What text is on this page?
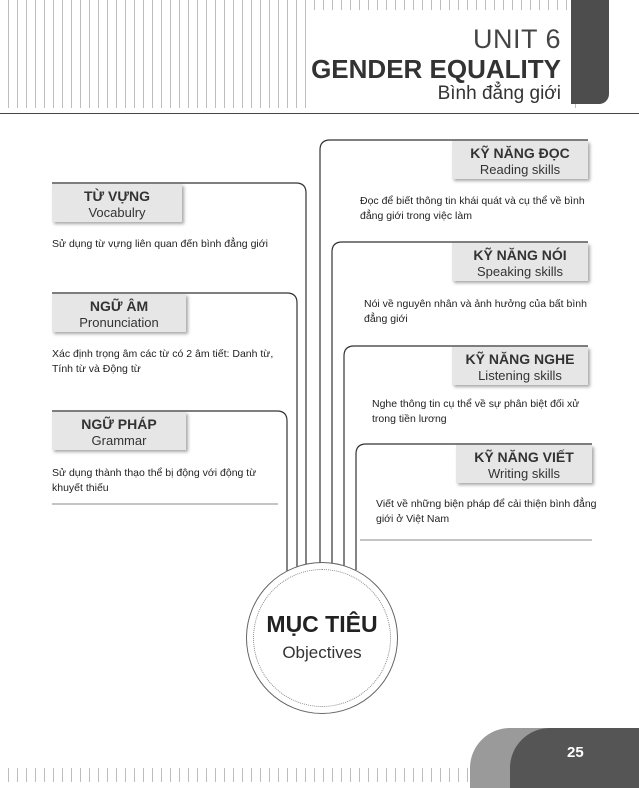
UNIT 6
GENDER EQUALITY
Bình đẳng giới
TỪ VỰNG
Vocabulry
Sử dụng từ vựng liên quan đến bình đẳng giới
NGỮ ÂM
Pronunciation
Xác định trọng âm các từ có 2 âm tiết: Danh từ, Tính từ và Động từ
NGỮ PHÁP
Grammar
Sử dụng thành thạo thể bị động với động từ khuyết thiếu
KỸ NĂNG ĐỌC
Reading skills
Đọc để biết thông tin khái quát và cụ thể về bình đẳng giới trong việc làm
KỸ NĂNG NÓI
Speaking skills
Nói về nguyên nhân và ảnh hưởng của bất bình đẳng giới
KỸ NĂNG NGHE
Listening skills
Nghe thông tin cụ thể về sự phân biệt đối xử trong tiền lương
KỸ NĂNG VIẾT
Writing skills
Viết về những biện pháp để cải thiện bình đẳng giới ở Việt Nam
MỤC TIÊU
Objectives
25
